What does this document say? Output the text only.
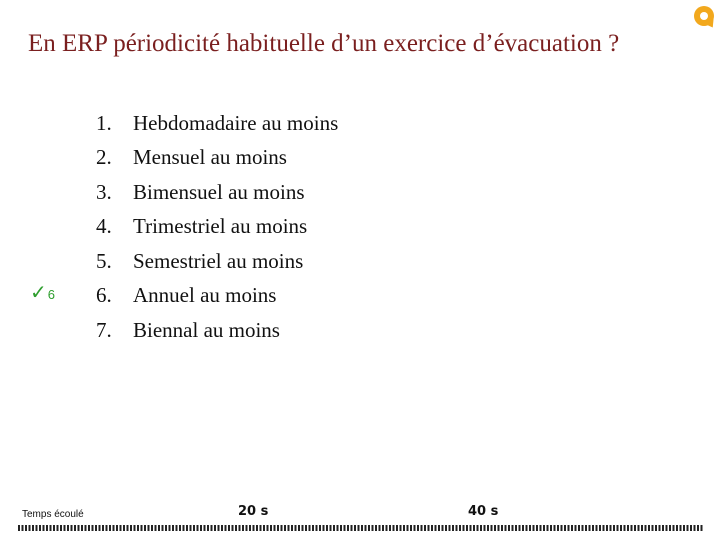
En ERP périodicité habituelle d’un exercice d’évacuation ?
1.	Hebdomadaire au moins
2.	Mensuel au moins
3.	Bimensuel au moins
4.	Trimestriel au moins
5.	Semestriel au moins
6.	Annuel au moins
7.	Biennal au moins
✓ 6
Temps écoulé	20 s	40 s
